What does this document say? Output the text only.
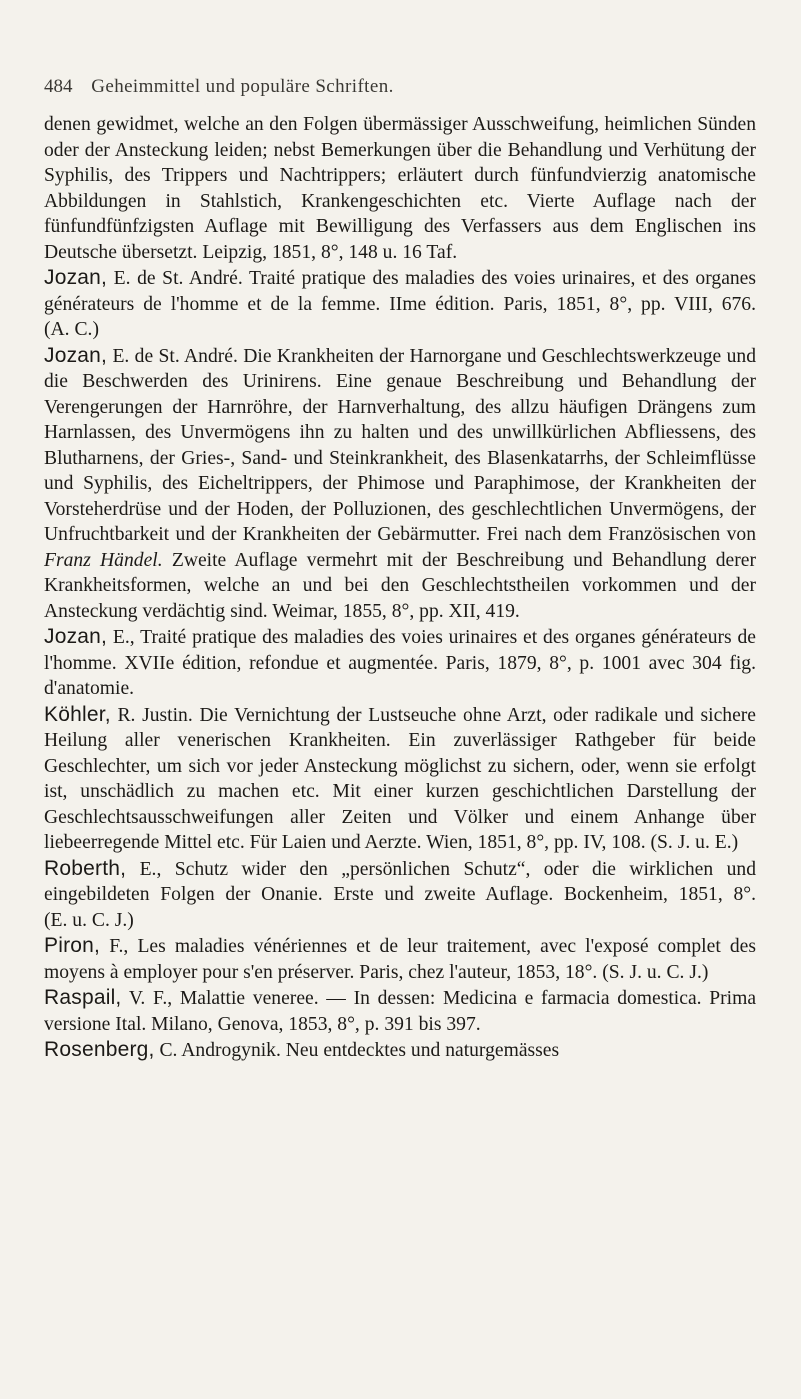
484 Geheimmittel und populäre Schriften.

denen gewidmet, welche an den Folgen übermässiger Ausschweifung, heimlichen Sünden oder der Ansteckung leiden; nebst Bemerkungen über die Behandlung und Verhütung der Syphilis, des Trippers und Nachtrippers; erläutert durch fünfundvierzig anatomische Abbildungen in Stahlstich, Krankengeschichten etc. Vierte Auflage nach der fünfundfünfzigsten Auflage mit Bewilligung des Verfassers aus dem Englischen ins Deutsche übersetzt. Leipzig, 1851, 8°, 148 u. 16 Taf.

Jozan, E. de St. André. Traité pratique des maladies des voies urinaires, et des organes générateurs de l'homme et de la femme. IIme édition. Paris, 1851, 8°, pp. VIII, 676. (A. C.)

Jozan, E. de St. André. Die Krankheiten der Harnorgane und Geschlechtswerkzeuge und die Beschwerden des Urinirens. Eine genaue Beschreibung und Behandlung der Verengerungen der Harnröhre, der Harnverhaltung, des allzu häufigen Drängens zum Harnlassen, des Unvermögens ihn zu halten und des unwillkürlichen Abfliessens, des Blutharnens, der Gries-, Sand- und Steinkrankheit, des Blasenkatarrhs, der Schleimflüsse und Syphilis, des Eicheltrippers, der Phimose und Paraphimose, der Krankheiten der Vorsteherdrüse und der Hoden, der Polluzionen, des geschlechtlichen Unvermögens, der Unfruchtbarkeit und der Krankheiten der Gebärmutter. Frei nach dem Französischen von Franz Händel. Zweite Auflage vermehrt mit der Beschreibung und Behandlung derer Krankheitsformen, welche an und bei den Geschlechtstheilen vorkommen und der Ansteckung verdächtig sind. Weimar, 1855, 8°, pp. XII, 419.

Jozan, E., Traité pratique des maladies des voies urinaires et des organes générateurs de l'homme. XVIIe édition, refondue et augmentée. Paris, 1879, 8°, p. 1001 avec 304 fig. d'anatomie.

Köhler, R. Justin. Die Vernichtung der Lustseuche ohne Arzt, oder radikale und sichere Heilung aller venerischen Krankheiten. Ein zuverlässiger Rathgeber für beide Geschlechter, um sich vor jeder Ansteckung möglichst zu sichern, oder, wenn sie erfolgt ist, unschädlich zu machen etc. Mit einer kurzen geschichtlichen Darstellung der Geschlechtsausschweifungen aller Zeiten und Völker und einem Anhange über liebeerregende Mittel etc. Für Laien und Aerzte. Wien, 1851, 8°, pp. IV, 108. (S. J. u. E.)

Roberth, E., Schutz wider den „persönlichen Schutz“, oder die wirklichen und eingebildeten Folgen der Onanie. Erste und zweite Auflage. Bockenheim, 1851, 8°. (E. u. C. J.)

Piron, F., Les maladies vénériennes et de leur traitement, avec l'exposé complet des moyens à employer pour s'en préserver. Paris, chez l'auteur, 1853, 18°. (S. J. u. C. J.)

Raspail, V. F., Malattie veneree. — In dessen: Medicina e farmacia domestica. Prima versione Ital. Milano, Genova, 1853, 8°, p. 391 bis 397.

Rosenberg, C. Androgynik. Neu entdecktes und naturgemässes
